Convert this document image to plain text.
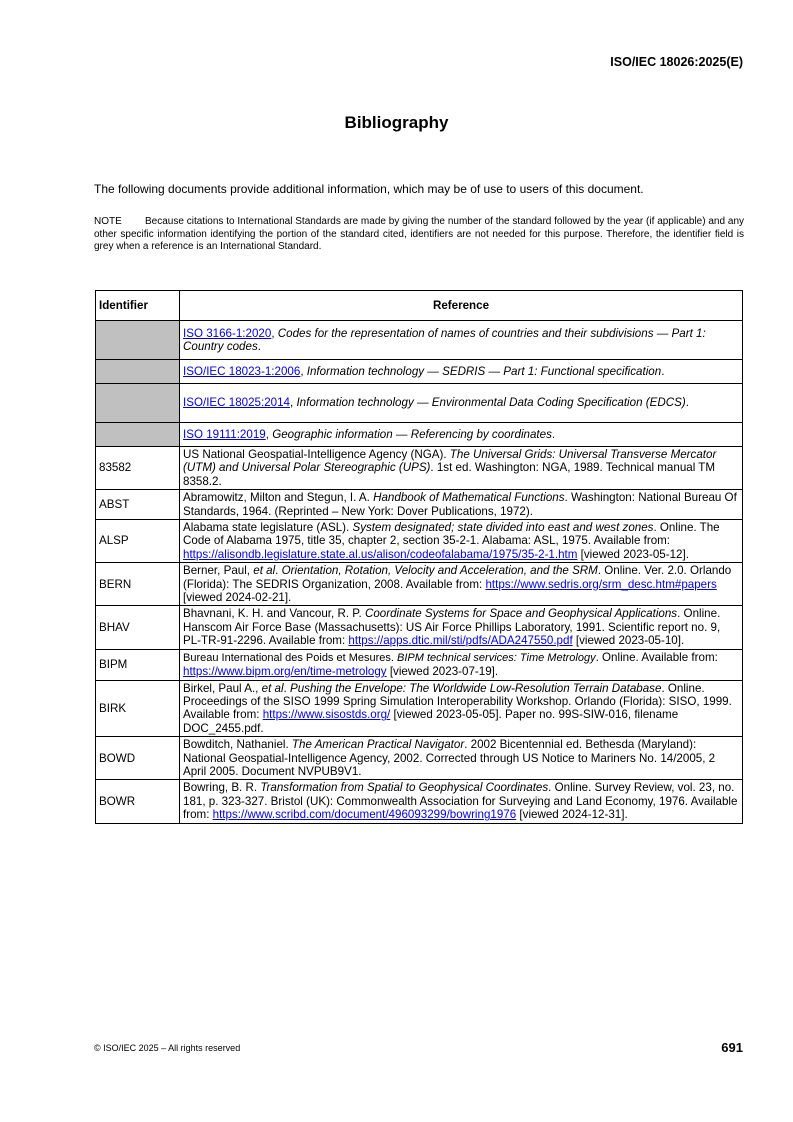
ISO/IEC 18026:2025(E)
Bibliography
The following documents provide additional information, which may be of use to users of this document.
NOTE Because citations to International Standards are made by giving the number of the standard followed by the year (if applicable) and any other specific information identifying the portion of the standard cited, identifiers are not needed for this purpose. Therefore, the identifier field is grey when a reference is an International Standard.
Identifier	Reference
	ISO 3166-1:2020, Codes for the representation of names of countries and their subdivisions — Part 1: Country codes.
	ISO/IEC 18023-1:2006, Information technology — SEDRIS — Part 1: Functional specification.
	ISO/IEC 18025:2014, Information technology — Environmental Data Coding Specification (EDCS).
	ISO 19111:2019, Geographic information — Referencing by coordinates.
83582	US National Geospatial-Intelligence Agency (NGA). The Universal Grids: Universal Transverse Mercator (UTM) and Universal Polar Stereographic (UPS). 1st ed. Washington: NGA, 1989. Technical manual TM 8358.2.
ABST	Abramowitz, Milton and Stegun, I. A. Handbook of Mathematical Functions. Washington: National Bureau Of Standards, 1964. (Reprinted – New York: Dover Publications, 1972).
ALSP	Alabama state legislature (ASL). System designated; state divided into east and west zones. Online. The Code of Alabama 1975, title 35, chapter 2, section 35-2-1. Alabama: ASL, 1975. Available from: https://alisondb.legislature.state.al.us/alison/codeofalabama/1975/35-2-1.htm [viewed 2023-05-12].
BERN	Berner, Paul, et al. Orientation, Rotation, Velocity and Acceleration, and the SRM. Online. Ver. 2.0. Orlando (Florida): The SEDRIS Organization, 2008. Available from: https://www.sedris.org/srm_desc.htm#papers [viewed 2024-02-21].
BHAV	Bhavnani, K. H. and Vancour, R. P. Coordinate Systems for Space and Geophysical Applications. Online. Hanscom Air Force Base (Massachusetts): US Air Force Phillips Laboratory, 1991. Scientific report no. 9, PL-TR-91-2296. Available from: https://apps.dtic.mil/sti/pdfs/ADA247550.pdf [viewed 2023-05-10].
BIPM	Bureau International des Poids et Mesures. BIPM technical services: Time Metrology. Online. Available from: https://www.bipm.org/en/time-metrology [viewed 2023-07-19].
BIRK	Birkel, Paul A., et al. Pushing the Envelope: The Worldwide Low-Resolution Terrain Database. Online. Proceedings of the SISO 1999 Spring Simulation Interoperability Workshop. Orlando (Florida): SISO, 1999. Available from: https://www.sisostds.org/ [viewed 2023-05-05]. Paper no. 99S-SIW-016, filename DOC_2455.pdf.
BOWD	Bowditch, Nathaniel. The American Practical Navigator. 2002 Bicentennial ed. Bethesda (Maryland): National Geospatial-Intelligence Agency, 2002. Corrected through US Notice to Mariners No. 14/2005, 2 April 2005. Document NVPUB9V1.
BOWR	Bowring, B. R. Transformation from Spatial to Geophysical Coordinates. Online. Survey Review, vol. 23, no. 181, p. 323-327. Bristol (UK): Commonwealth Association for Surveying and Land Economy, 1976. Available from: https://www.scribd.com/document/496093299/bowring1976 [viewed 2024-12-31].
© ISO/IEC 2025 – All rights reserved	691
